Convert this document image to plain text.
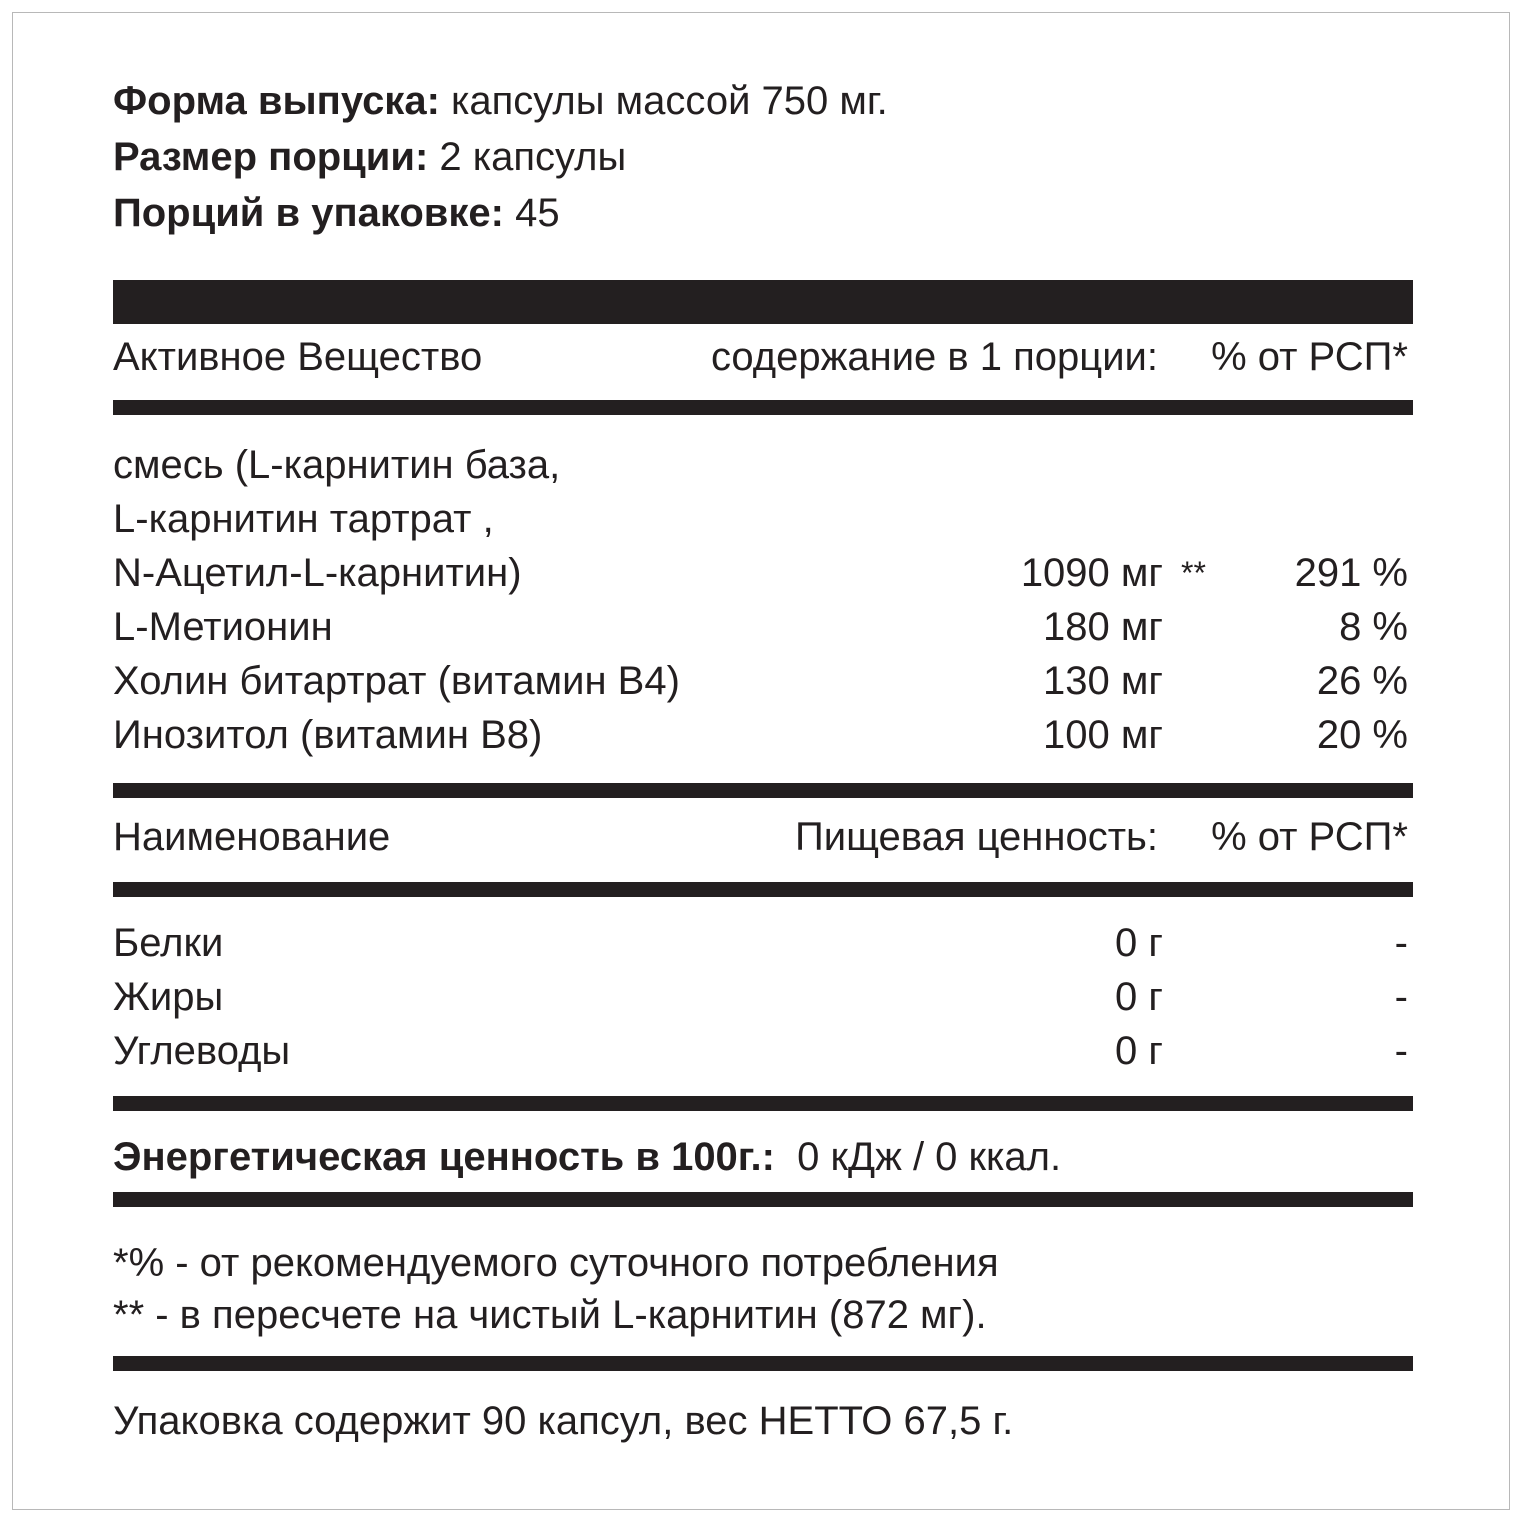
Форма выпуска: капсулы массой 750 мг.
Размер порции: 2 капсулы
Порций в упаковке: 45
Активное Вещество	содержание в 1 порции: % от РСП*
смесь (L-карнитин база,
L-карнитин тартрат ,
N-Ацетил-L-карнитин)	1090 мг ** 291 %
L-Метионин	180 мг	8 %
Холин битартрат (витамин В4)	130 мг	26 %
Инозитол (витамин В8)	100 мг	20 %
Наименование	Пищевая ценность: % от РСП*
Белки	0 г	-
Жиры	0 г	-
Углеводы	0 г	-
Энергетическая ценность в 100г.:  0 кДж / 0 ккал.
*% - от рекомендуемого суточного потребления
** - в пересчете на чистый L-карнитин (872 мг).
Упаковка содержит 90 капсул, вес НЕТТО 67,5 г.
